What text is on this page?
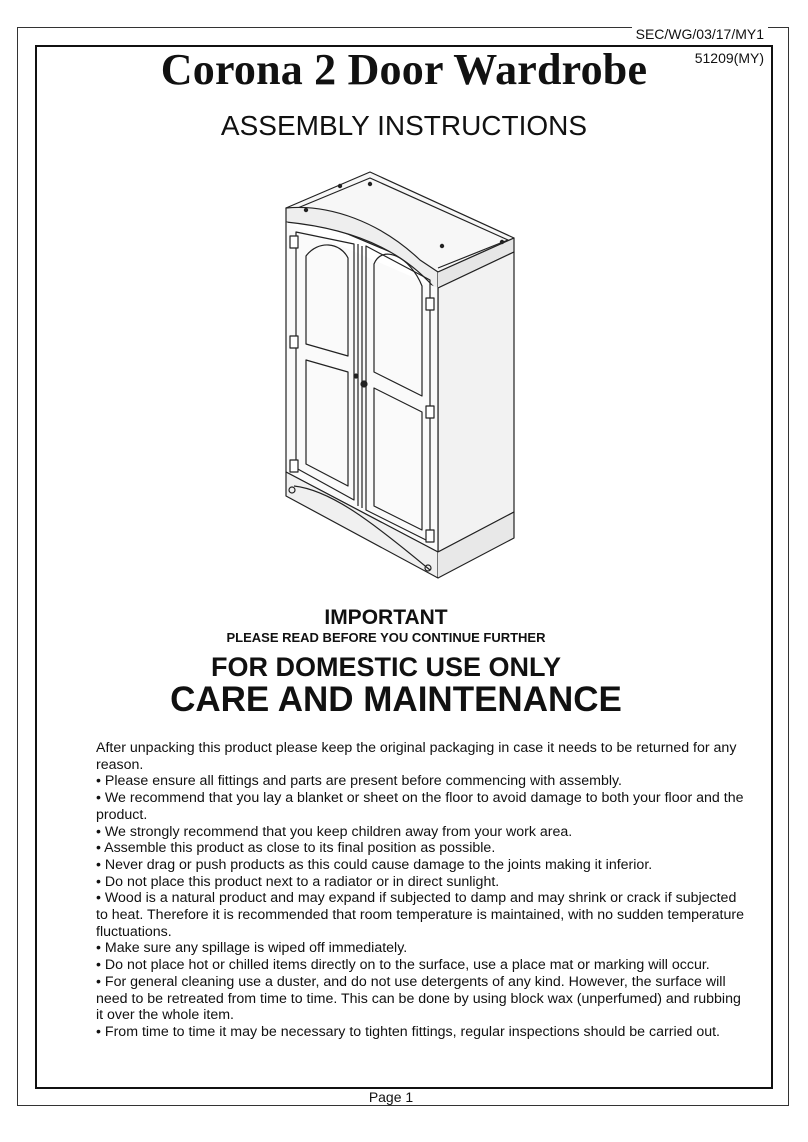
SEC/WG/03/17/MY1
51209(MY)
Corona 2 Door Wardrobe
ASSEMBLY INSTRUCTIONS
IMPORTANT
PLEASE READ BEFORE YOU CONTINUE FURTHER
FOR DOMESTIC USE ONLY
CARE AND MAINTENANCE

After unpacking this product please keep the original packaging in case it needs to be returned for any reason.

• Please ensure all fittings and parts are present before commencing with assembly.

• We recommend that you lay a blanket or sheet on the floor to avoid damage to both your floor and the product.

• We strongly recommend that you keep children away from your work area.

• Assemble this product as close to its final position as possible.

• Never drag or push products as this could cause damage to the joints making it inferior.

• Do not place this product next to a radiator or in direct sunlight.

• Wood is a natural product and may expand if subjected to damp and may shrink or crack if subjected to heat. Therefore it is recommended that room temperature is maintained, with no sudden temperature fluctuations.

• Make sure any spillage is wiped off immediately.

• Do not place hot or chilled items directly on to the surface, use a place mat or marking will occur.

• For general cleaning use a duster, and do not use detergents of any kind. However, the surface will need to be retreated from time to time. This can be done by using block wax (unperfumed) and rubbing it over the whole item.

• From time to time it may be necessary to tighten fittings, regular inspections should be carried out.

Page 1
